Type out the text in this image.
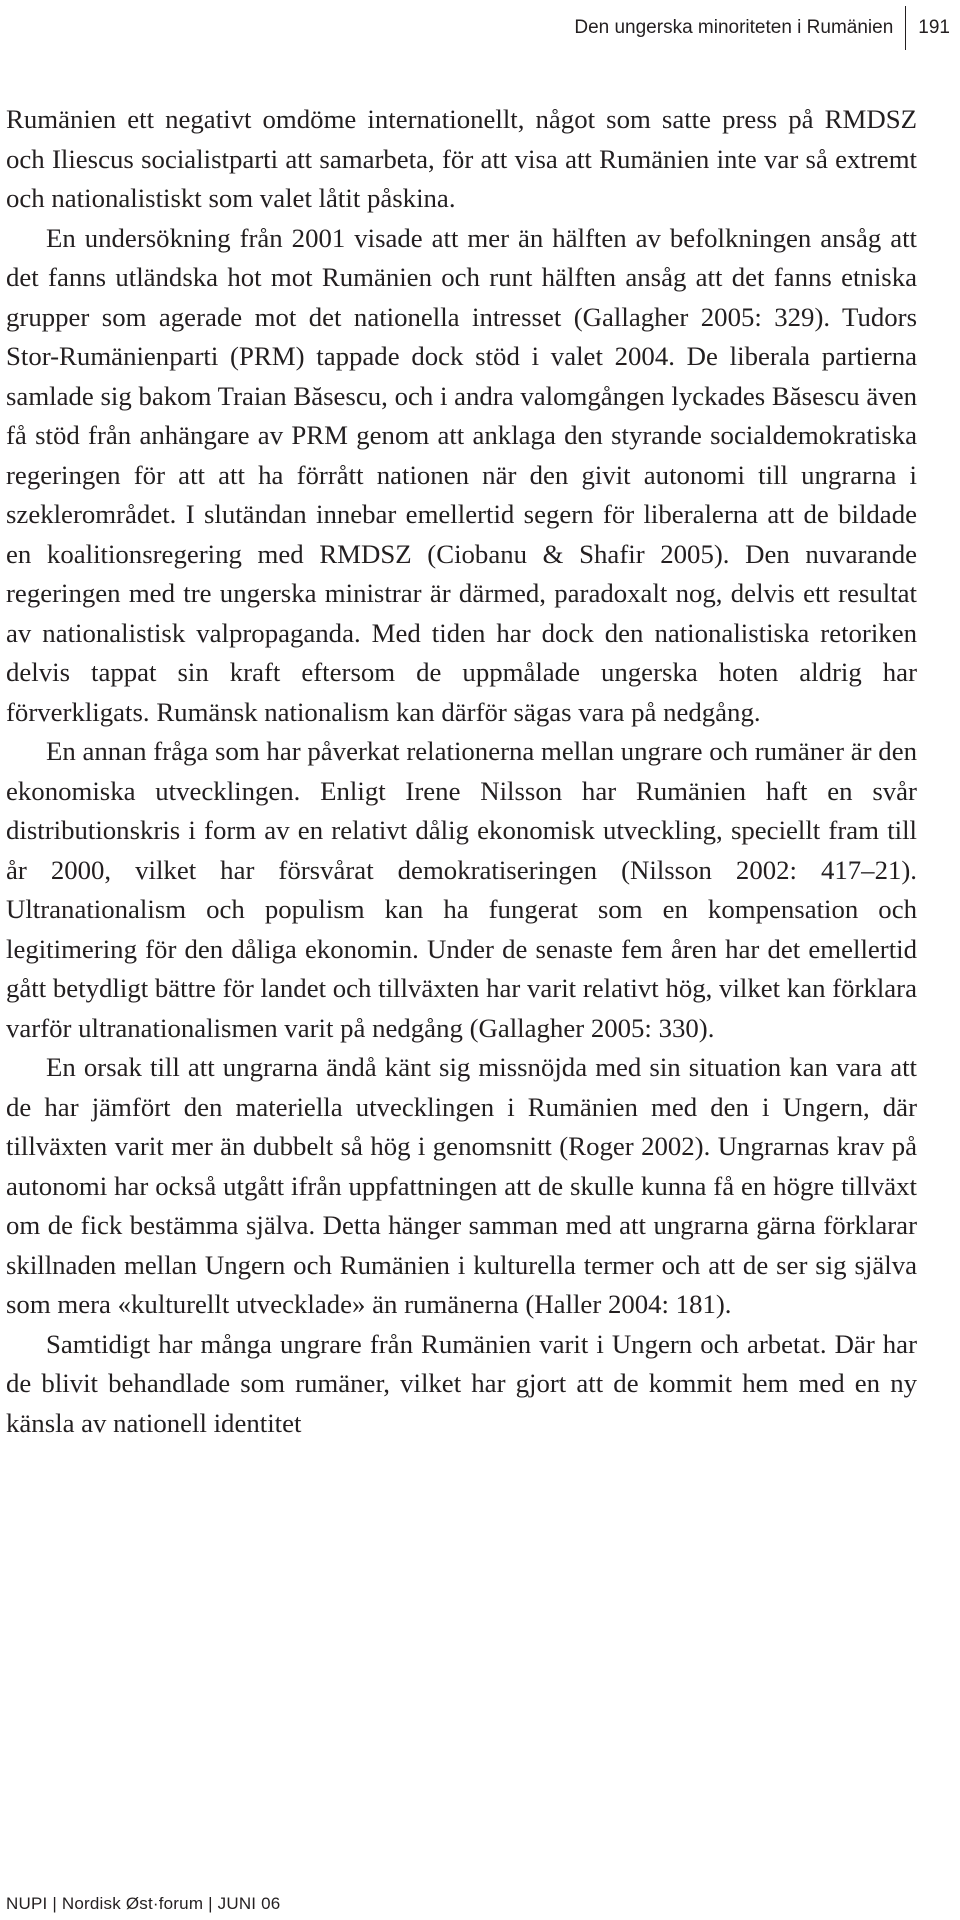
Den ungerska minoriteten i Rumänien	191

Rumänien ett negativt omdöme internationellt, något som satte press på RMDSZ och Iliescus socialistparti att samarbeta, för att visa att Rumänien inte var så extremt och nationalistiskt som valet låtit påskina.

En undersökning från 2001 visade att mer än hälften av befolkningen ansåg att det fanns utländska hot mot Rumänien och runt hälften ansåg att det fanns etniska grupper som agerade mot det nationella intresset (Gallagher 2005: 329). Tudors Stor-Rumänienparti (PRM) tappade dock stöd i valet 2004. De liberala partierna samlade sig bakom Traian Băsescu, och i andra valomgången lyckades Băsescu även få stöd från anhängare av PRM genom att anklaga den styrande socialdemokratiska regeringen för att att ha förrått nationen när den givit autonomi till ungrarna i szeklerområdet. I slutändan innebar emellertid segern för liberalerna att de bildade en koalitionsregering med RMDSZ (Ciobanu & Shafir 2005). Den nuvarande regeringen med tre ungerska ministrar är därmed, paradoxalt nog, delvis ett resultat av nationalistisk valpropaganda. Med tiden har dock den nationalistiska retoriken delvis tappat sin kraft eftersom de uppmålade ungerska hoten aldrig har förverkligats. Rumänsk nationalism kan därför sägas vara på nedgång.

En annan fråga som har påverkat relationerna mellan ungrare och rumäner är den ekonomiska utvecklingen. Enligt Irene Nilsson har Rumänien haft en svår distributionskris i form av en relativt dålig ekonomisk utveckling, speciellt fram till år 2000, vilket har försvårat demokratiseringen (Nilsson 2002: 417–21). Ultranationalism och populism kan ha fungerat som en kompensation och legitimering för den dåliga ekonomin. Under de senaste fem åren har det emellertid gått betydligt bättre för landet och tillväxten har varit relativt hög, vilket kan förklara varför ultranationalismen varit på nedgång (Gallagher 2005: 330).

En orsak till att ungrarna ändå känt sig missnöjda med sin situation kan vara att de har jämfört den materiella utvecklingen i Rumänien med den i Ungern, där tillväxten varit mer än dubbelt så hög i genomsnitt (Roger 2002). Ungrarnas krav på autonomi har också utgått ifrån uppfattningen att de skulle kunna få en högre tillväxt om de fick bestämma själva. Detta hänger samman med att ungrarna gärna förklarar skillnaden mellan Ungern och Rumänien i kulturella termer och att de ser sig själva som mera «kulturellt utvecklade» än rumänerna (Haller 2004: 181).

Samtidigt har många ungrare från Rumänien varit i Ungern och arbetat. Där har de blivit behandlade som rumäner, vilket har gjort att de kommit hem med en ny känsla av nationell identitet

NUPI | Nordisk Øst·forum | JUNI 06
